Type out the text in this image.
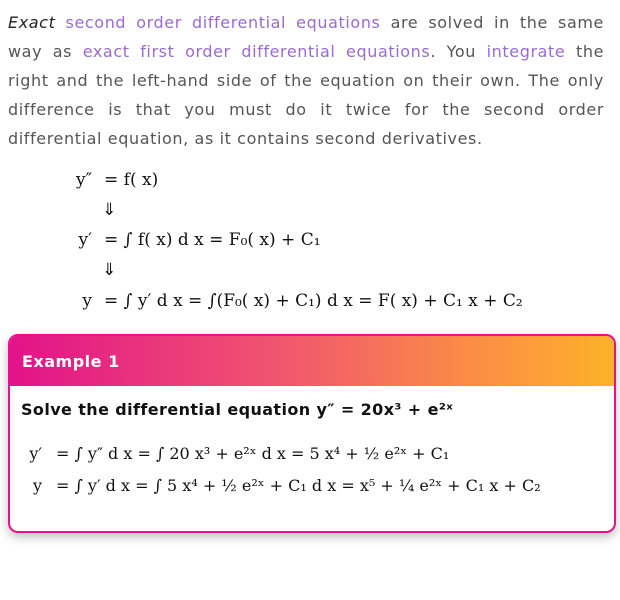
Exact second order differential equations are solved in the same way as exact first order differential equations. You integrate the right and the left-hand side of the equation on their own. The only difference is that you must do it twice for the second order differential equation, as it contains second derivatives.
y″ = f( x)
⇓
y′ = ∫ f( x) d x = F₀( x) + C₁
⇓
y = ∫ y′ d x = ∫(F₀( x) + C₁) d x = F( x) + C₁ x + C₂
Example 1
Solve the differential equation y″ = 20x³ + e²ˣ
y′ = ∫ y″ d x = ∫ 20 x³ + e²ˣ d x = 5 x⁴ + ½ e²ˣ + C₁
y = ∫ y′ d x = ∫ 5 x⁴ + ½ e²ˣ + C₁ d x = x⁵ + ¼ e²ˣ + C₁ x + C₂
